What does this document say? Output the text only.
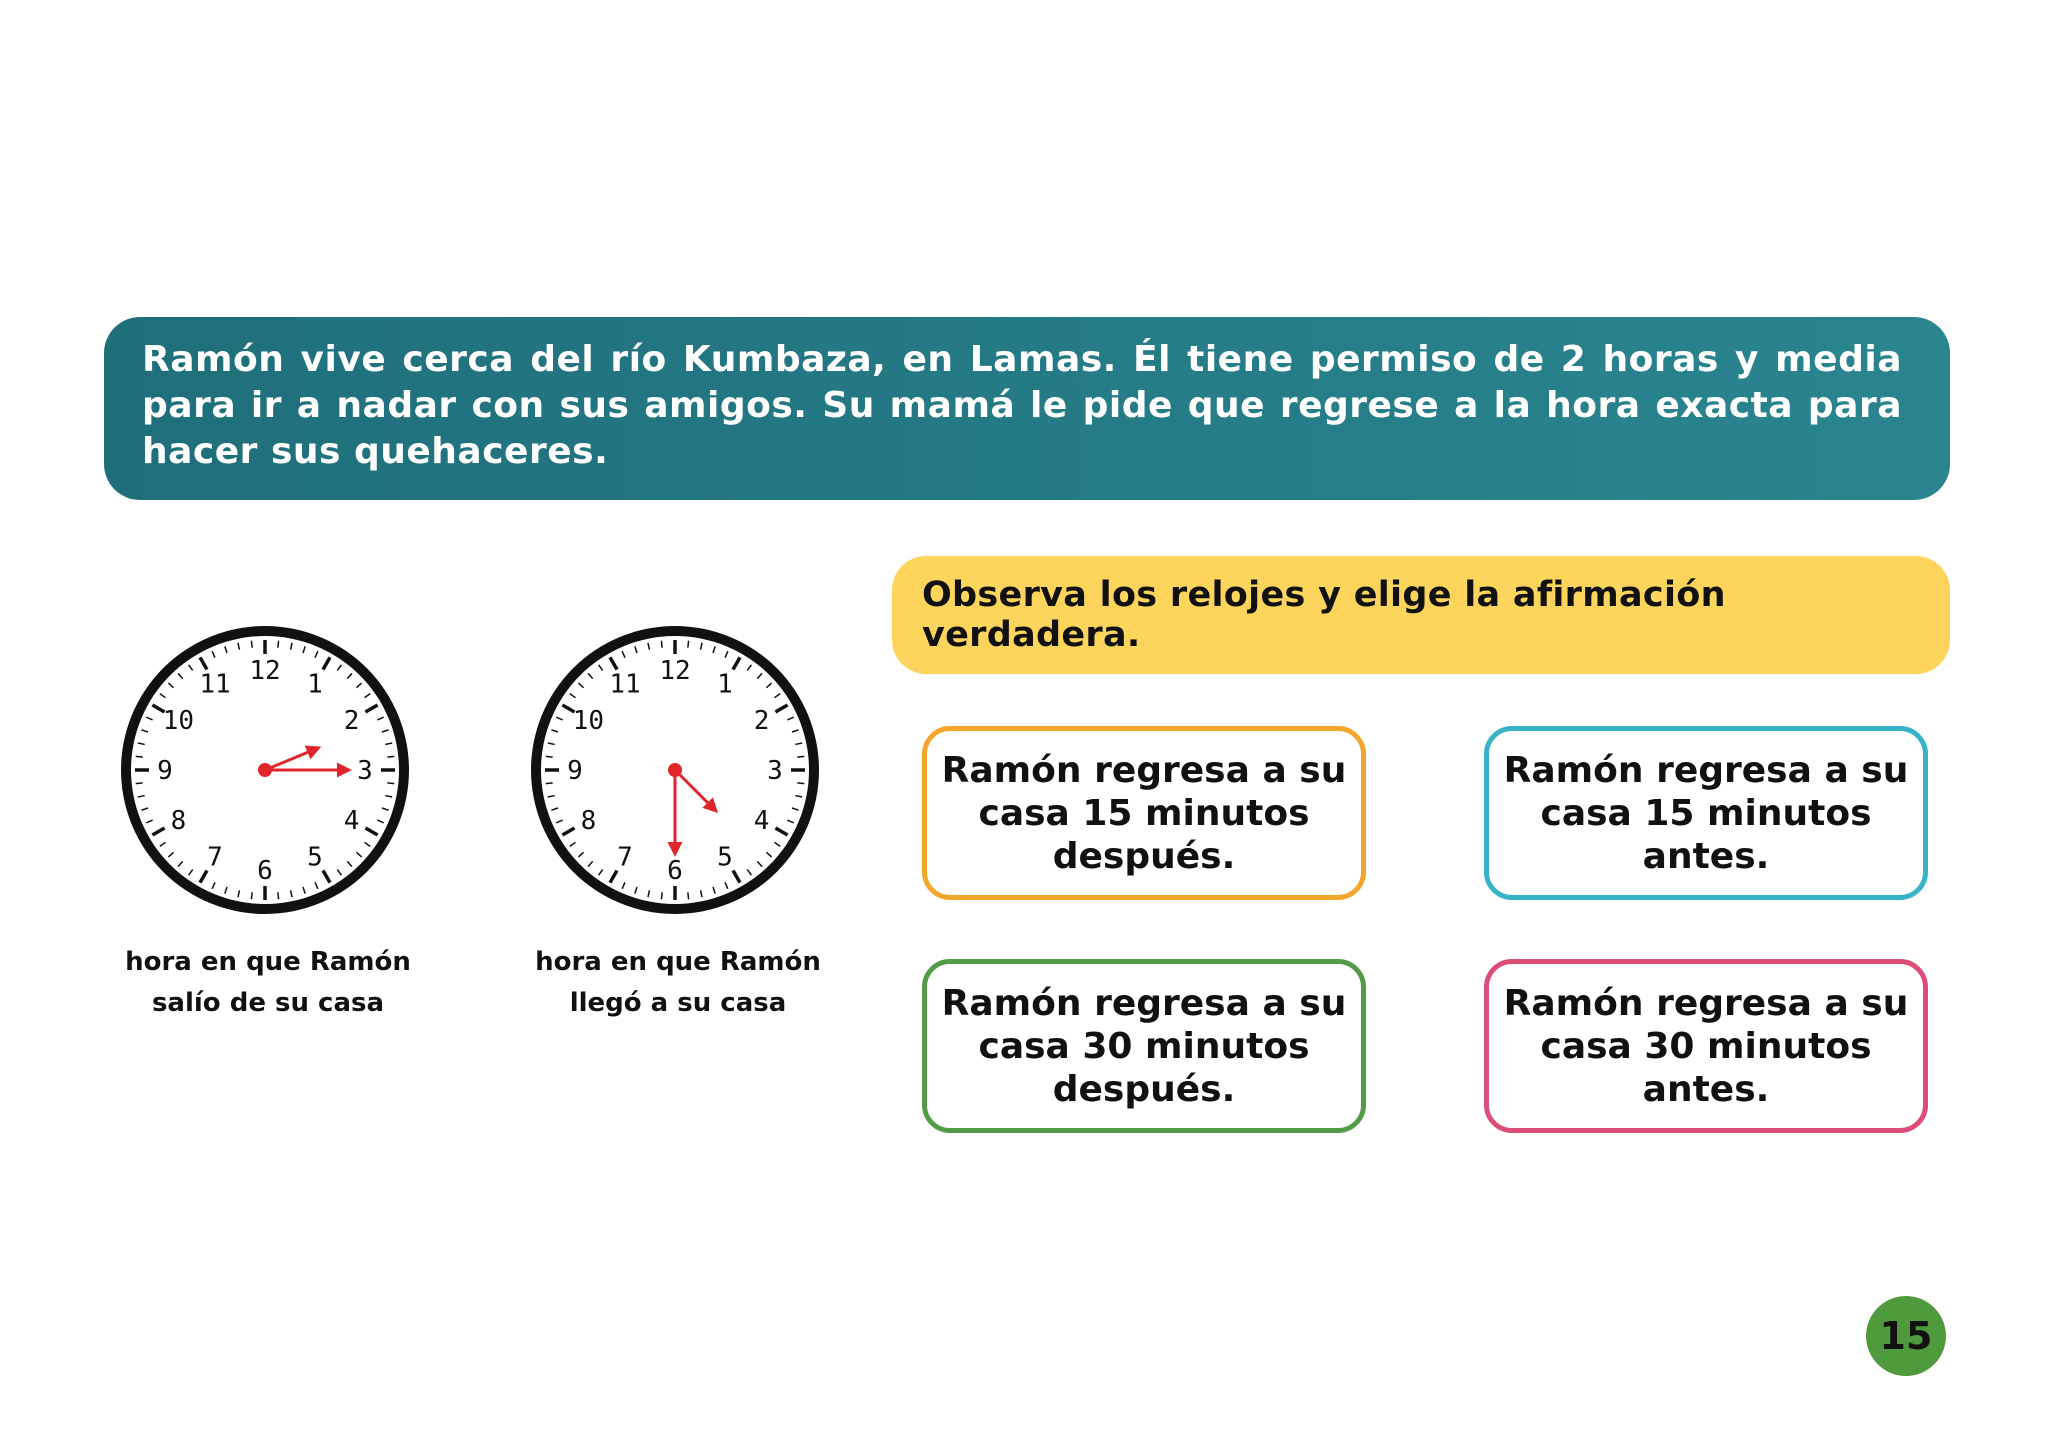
Ramón vive cerca del río Kumbaza, en Lamas. Él tiene permiso de 2 horas y media para ir a nadar con sus amigos. Su mamá le pide que regrese a la hora exacta para hacer sus quehaceres.

Observa los relojes y elige la afirmación verdadera.
12 1
2
3
4
5
6
7
8
9
10
11
hora en que Ramón
salío de su casa
12 1
2
3
4
5
6
7
8
9
10
11
hora en que Ramón
llegó a su casa
Ramón regresa a su
casa 15 minutos
después.
Ramón regresa a su
casa 15 minutos
antes.
Ramón regresa a su
casa 30 minutos
después.
Ramón regresa a su
casa 30 minutos
antes.
15
